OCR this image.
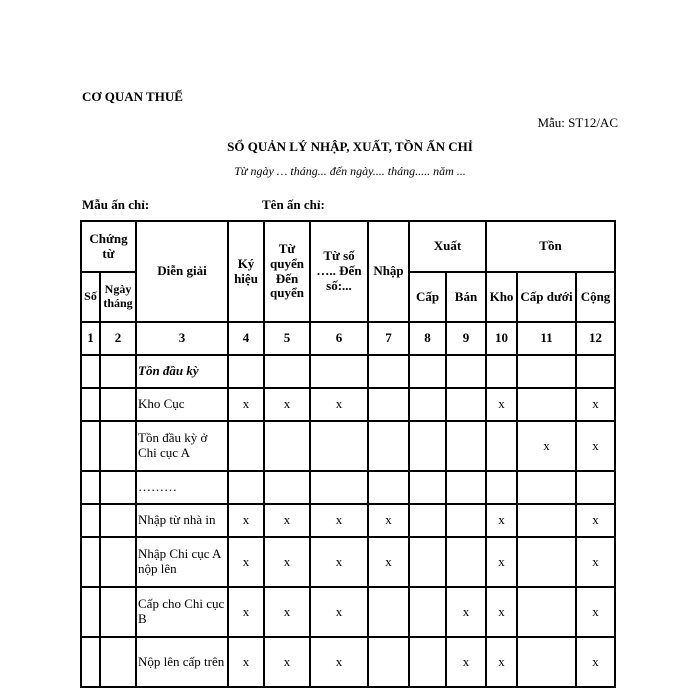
CƠ QUAN THUẾ
Mẫu: ST12/AC
SỔ QUẢN LÝ NHẬP, XUẤT, TỒN ẤN CHỈ
Từ ngày … tháng... đến ngày.... tháng..... năm ...
Mẫu ấn chỉ:	Tên ấn chỉ:
Chứng từ		Diễn giải	Ký hiệu	Từ quyển Đến quyển	Từ số ….. Đến số:...	Nhập	Xuất		Tồn		
Số	Ngày tháng						Cấp	Bán	Kho	Cấp dưới	Cộng
1	2	3	4	5	6	7	8	9	10	11	12
		Tồn đầu kỳ									
		Kho Cục	x	x	x				x		x
		Tồn đầu kỳ ở Chi cục A								x	x
		………									
		Nhập từ nhà in	x	x	x	x			x		x
		Nhập Chi cục A nộp lên	x	x	x	x			x		x
		Cấp cho Chi cục B	x	x	x			x	x		x
		Nộp lên cấp trên	x	x	x			x	x		x
